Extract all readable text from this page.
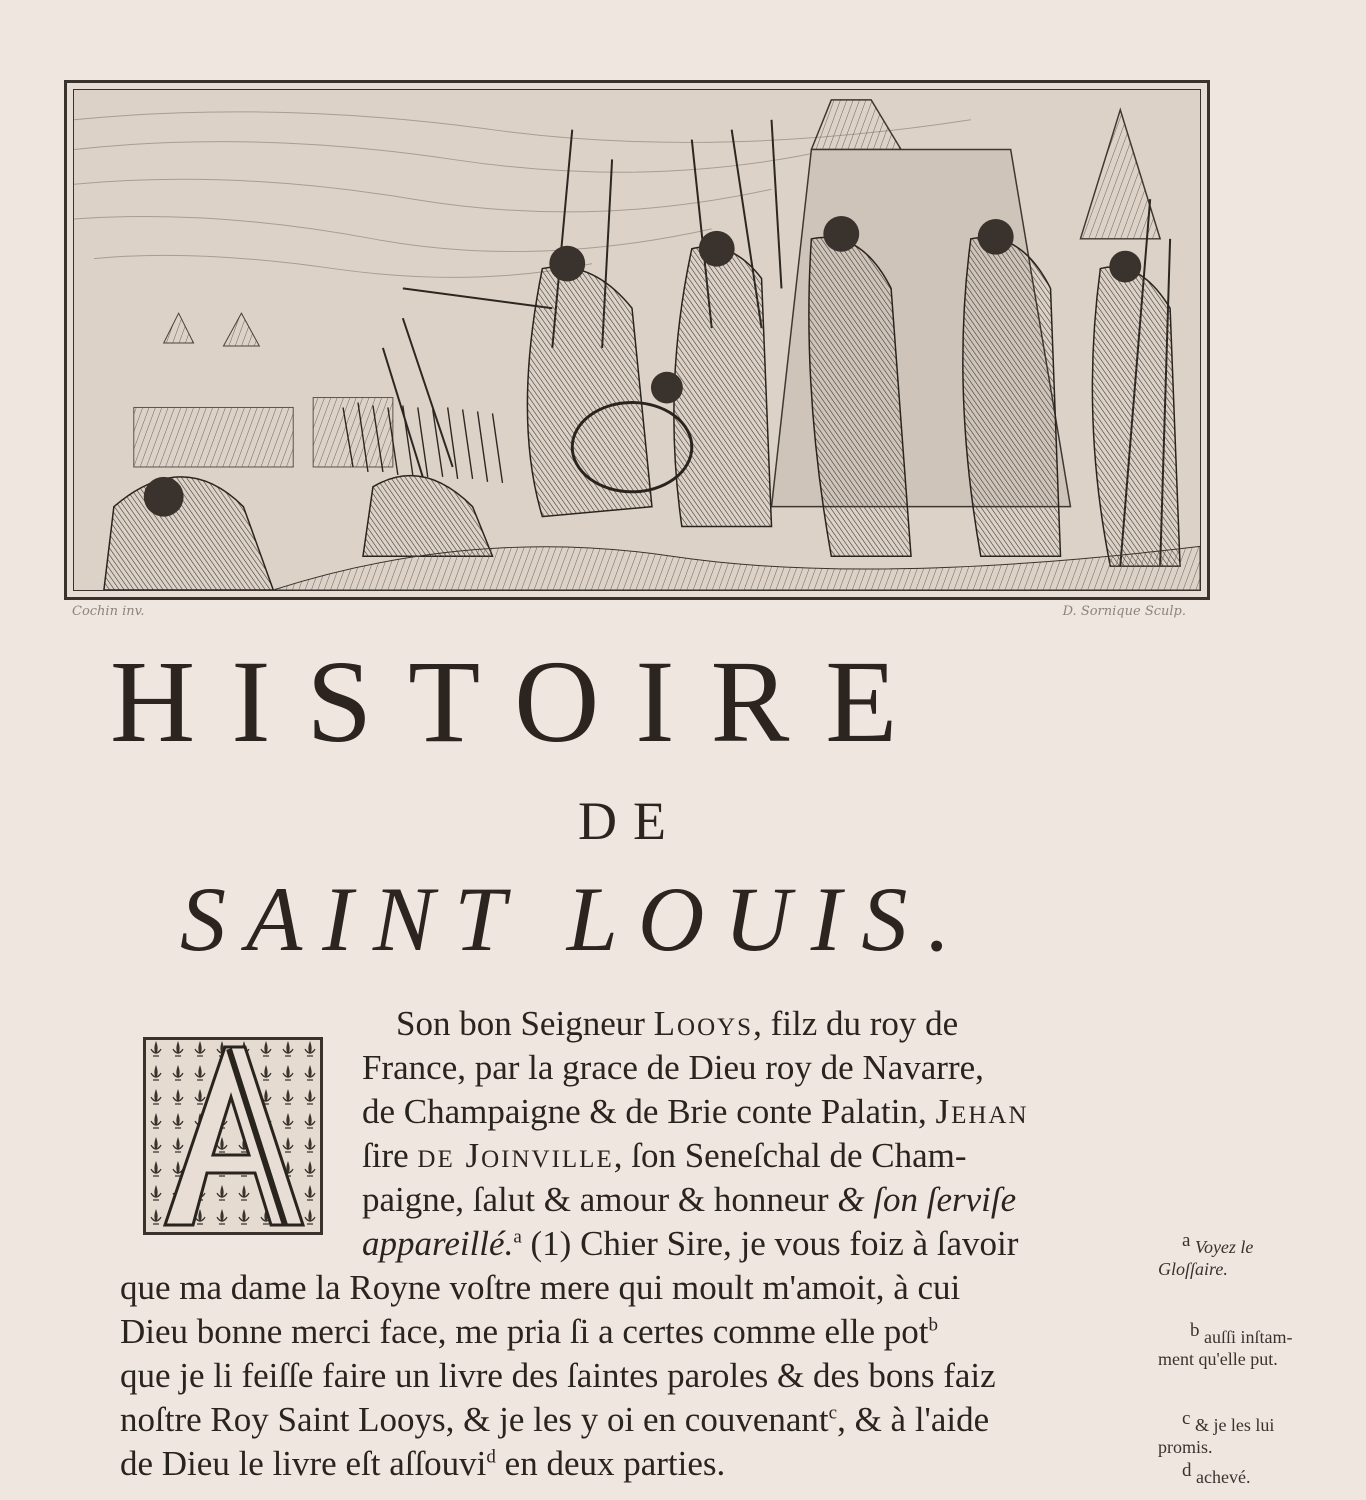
Cochin inv.	D. Sornique Sculp.
HISTOIRE
DE
SAINT LOUIS.
Son bon Seigneur Looys, filz du roy de
France, par la grace de Dieu roy de Navarre,
de Champaigne & de Brie conte Palatin, Jehan
ſire de Joinville, ſon Seneſchal de Cham-
paigne, ſalut & amour & honneur & ſon ſerviſe
appareillé.$^a$ (1) Chier Sire, je vous foiz à ſavoir
que ma dame la Royne voſtre mere qui moult m'amoit, à cui
Dieu bonne merci face, me pria ſi a certes comme elle pot$^b$
que je li feiſſe faire un livre des ſaintes paroles & des bons faiz
noſtre Roy Saint Looys, & je les y oi en couvenant$^c$, & à l'aide
de Dieu le livre eſt aſſouvi$^d$ en deux parties.
$^a$ Voyez le
Gloſſaire.
$^b$ auſſi inſtam-
ment qu'elle put.
$^c$ & je les lui
promis.
$^d$ achevé.
